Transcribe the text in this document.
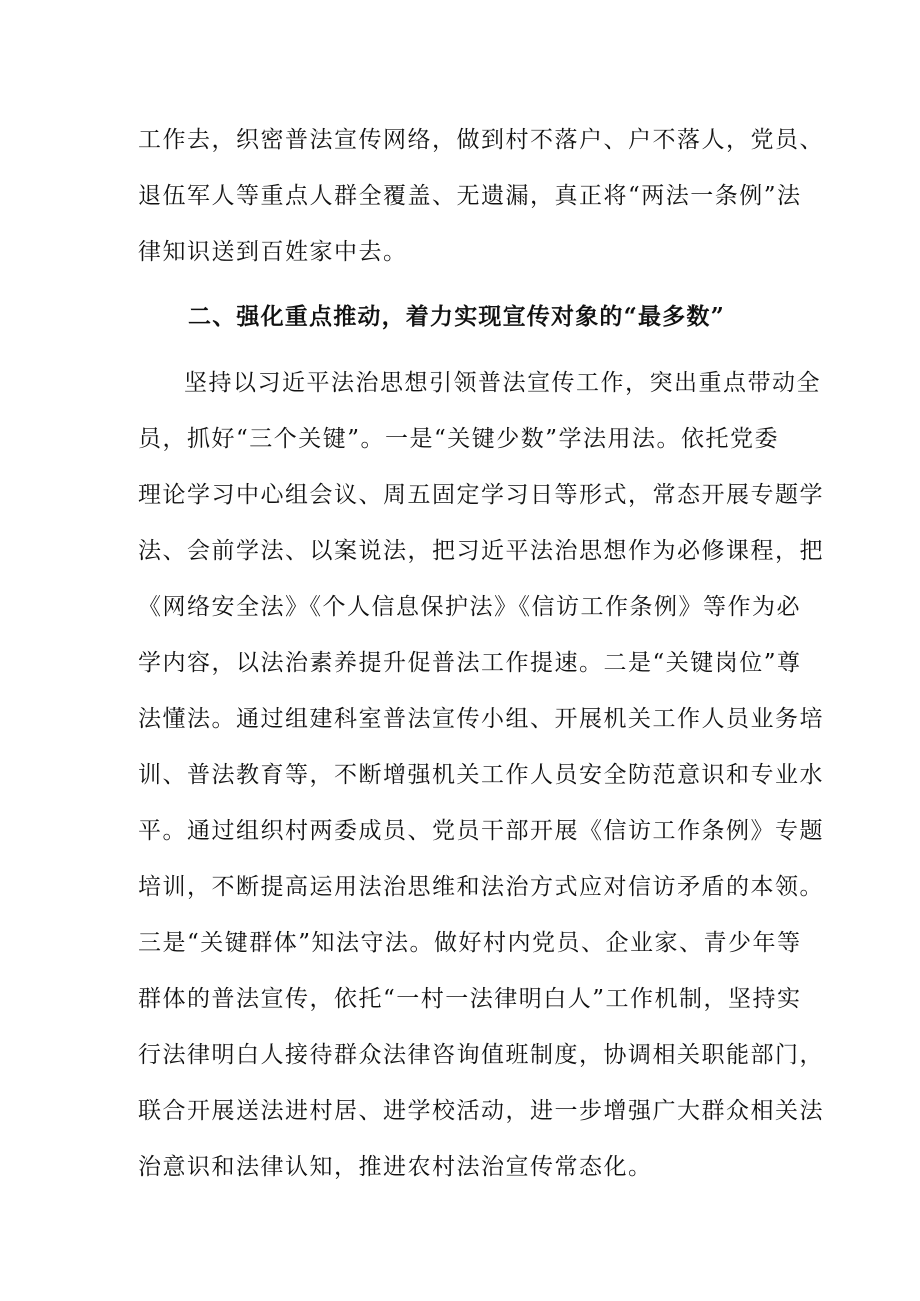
工作去，织密普法宣传网络，做到村不落户、户不落人，党员、
退伍军人等重点人群全覆盖、无遗漏，真正将“两法一条例”法
律知识送到百姓家中去。
二、强化重点推动，着力实现宣传对象的“最多数”
坚持以习近平法治思想引领普法宣传工作，突出重点带动全
员，抓好“三个关键”。一是“关键少数”学法用法。依托党委
理论学习中心组会议、周五固定学习日等形式，常态开展专题学
法、会前学法、以案说法，把习近平法治思想作为必修课程，把
《网络安全法》《个人信息保护法》《信访工作条例》等作为必
学内容，以法治素养提升促普法工作提速。二是“关键岗位”尊
法懂法。通过组建科室普法宣传小组、开展机关工作人员业务培
训、普法教育等，不断增强机关工作人员安全防范意识和专业水
平。通过组织村两委成员、党员干部开展《信访工作条例》专题
培训，不断提高运用法治思维和法治方式应对信访矛盾的本领。
三是“关键群体”知法守法。做好村内党员、企业家、青少年等
群体的普法宣传，依托“一村一法律明白人”工作机制，坚持实
行法律明白人接待群众法律咨询值班制度，协调相关职能部门，
联合开展送法进村居、进学校活动，进一步增强广大群众相关法
治意识和法律认知，推进农村法治宣传常态化。
